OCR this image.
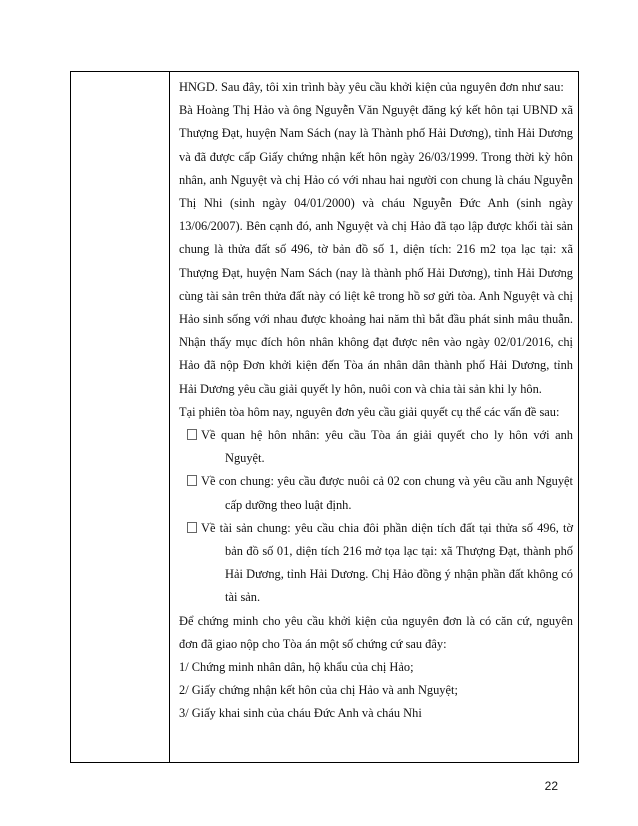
HNGD. Sau đây, tôi xin trình bày yêu cầu khởi kiện của nguyên đơn như sau:

Bà Hoàng Thị Hảo và ông Nguyễn Văn Nguyệt đăng ký kết hôn tại UBND xã Thượng Đạt, huyện Nam Sách (nay là Thành phố Hải Dương), tỉnh Hải Dương và đã được cấp Giấy chứng nhận kết hôn ngày 26/03/1999. Trong thời kỳ hôn nhân, anh Nguyệt và chị Hảo có với nhau hai người con chung là cháu Nguyễn Thị Nhi (sinh ngày 04/01/2000) và cháu Nguyễn Đức Anh (sinh ngày 13/06/2007). Bên cạnh đó, anh Nguyệt và chị Hảo đã tạo lập được khối tài sản chung là thửa đất số 496, tờ bản đồ số 1, diện tích: 216 m2 tọa lạc tại: xã Thượng Đạt, huyện Nam Sách (nay là thành phố Hải Dương), tỉnh Hải Dương cùng tài sản trên thửa đất này có liệt kê trong hồ sơ gửi tòa. Anh Nguyệt và chị Hảo sinh sống với nhau được khoảng hai năm thì bắt đầu phát sinh mâu thuẫn. Nhận thấy mục đích hôn nhân không đạt được nên vào ngày 02/01/2016, chị Hảo đã nộp Đơn khởi kiện đến Tòa án nhân dân thành phố Hải Dương, tỉnh Hải Dương yêu cầu giải quyết ly hôn, nuôi con và chia tài sản khi ly hôn.

Tại phiên tòa hôm nay, nguyên đơn yêu cầu giải quyết cụ thể các vấn đề sau:

Về quan hệ hôn nhân: yêu cầu Tòa án giải quyết cho ly hôn với anh Nguyệt.

Về con chung: yêu cầu được nuôi cả 02 con chung và yêu cầu anh Nguyệt cấp dưỡng theo luật định.

Về tài sản chung: yêu cầu chia đôi phần diện tích đất tại thửa số 496, tờ bản đồ số 01, diện tích 216 mở tọa lạc tại: xã Thượng Đạt, thành phố Hải Dương, tỉnh Hải Dương. Chị Hảo đồng ý nhận phần đất không có tài sản.

Để chứng minh cho yêu cầu khởi kiện của nguyên đơn là có căn cứ, nguyên đơn đã giao nộp cho Tòa án một số chứng cứ sau đây:

1/ Chứng minh nhân dân, hộ khẩu của chị Hảo;

2/ Giấy chứng nhận kết hôn của chị Hảo và anh Nguyệt;

3/ Giấy khai sinh của cháu Đức Anh và cháu Nhi

22
